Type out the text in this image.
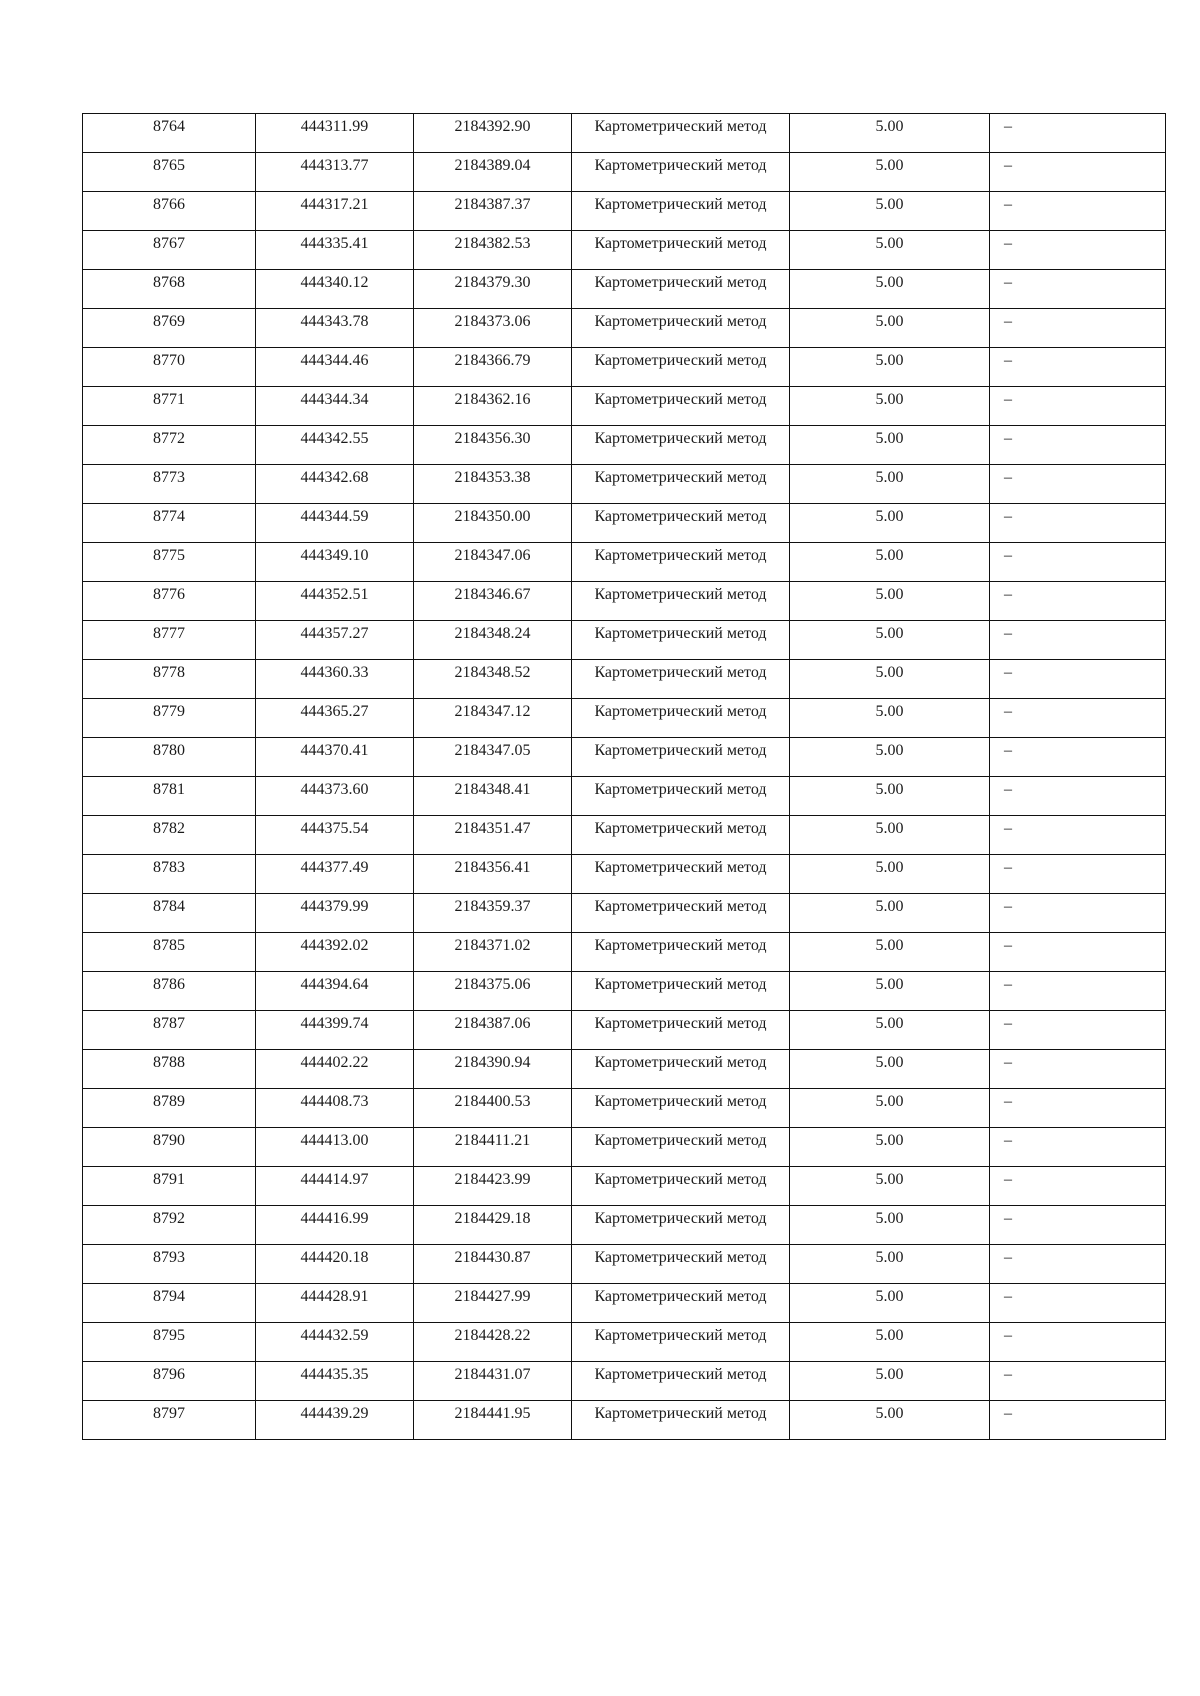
8764	444311.99	2184392.90	Картометрический метод	5.00	–

8765	444313.77	2184389.04	Картометрический метод	5.00	–

8766	444317.21	2184387.37	Картометрический метод	5.00	–

8767	444335.41	2184382.53	Картометрический метод	5.00	–

8768	444340.12	2184379.30	Картометрический метод	5.00	–

8769	444343.78	2184373.06	Картометрический метод	5.00	–

8770	444344.46	2184366.79	Картометрический метод	5.00	–

8771	444344.34	2184362.16	Картометрический метод	5.00	–

8772	444342.55	2184356.30	Картометрический метод	5.00	–

8773	444342.68	2184353.38	Картометрический метод	5.00	–

8774	444344.59	2184350.00	Картометрический метод	5.00	–

8775	444349.10	2184347.06	Картометрический метод	5.00	–

8776	444352.51	2184346.67	Картометрический метод	5.00	–

8777	444357.27	2184348.24	Картометрический метод	5.00	–

8778	444360.33	2184348.52	Картометрический метод	5.00	–

8779	444365.27	2184347.12	Картометрический метод	5.00	–

8780	444370.41	2184347.05	Картометрический метод	5.00	–

8781	444373.60	2184348.41	Картометрический метод	5.00	–

8782	444375.54	2184351.47	Картометрический метод	5.00	–

8783	444377.49	2184356.41	Картометрический метод	5.00	–

8784	444379.99	2184359.37	Картометрический метод	5.00	–

8785	444392.02	2184371.02	Картометрический метод	5.00	–

8786	444394.64	2184375.06	Картометрический метод	5.00	–

8787	444399.74	2184387.06	Картометрический метод	5.00	–

8788	444402.22	2184390.94	Картометрический метод	5.00	–

8789	444408.73	2184400.53	Картометрический метод	5.00	–

8790	444413.00	2184411.21	Картометрический метод	5.00	–

8791	444414.97	2184423.99	Картометрический метод	5.00	–

8792	444416.99	2184429.18	Картометрический метод	5.00	–

8793	444420.18	2184430.87	Картометрический метод	5.00	–

8794	444428.91	2184427.99	Картометрический метод	5.00	–

8795	444432.59	2184428.22	Картометрический метод	5.00	–

8796	444435.35	2184431.07	Картометрический метод	5.00	–

8797	444439.29	2184441.95	Картометрический метод	5.00	–
